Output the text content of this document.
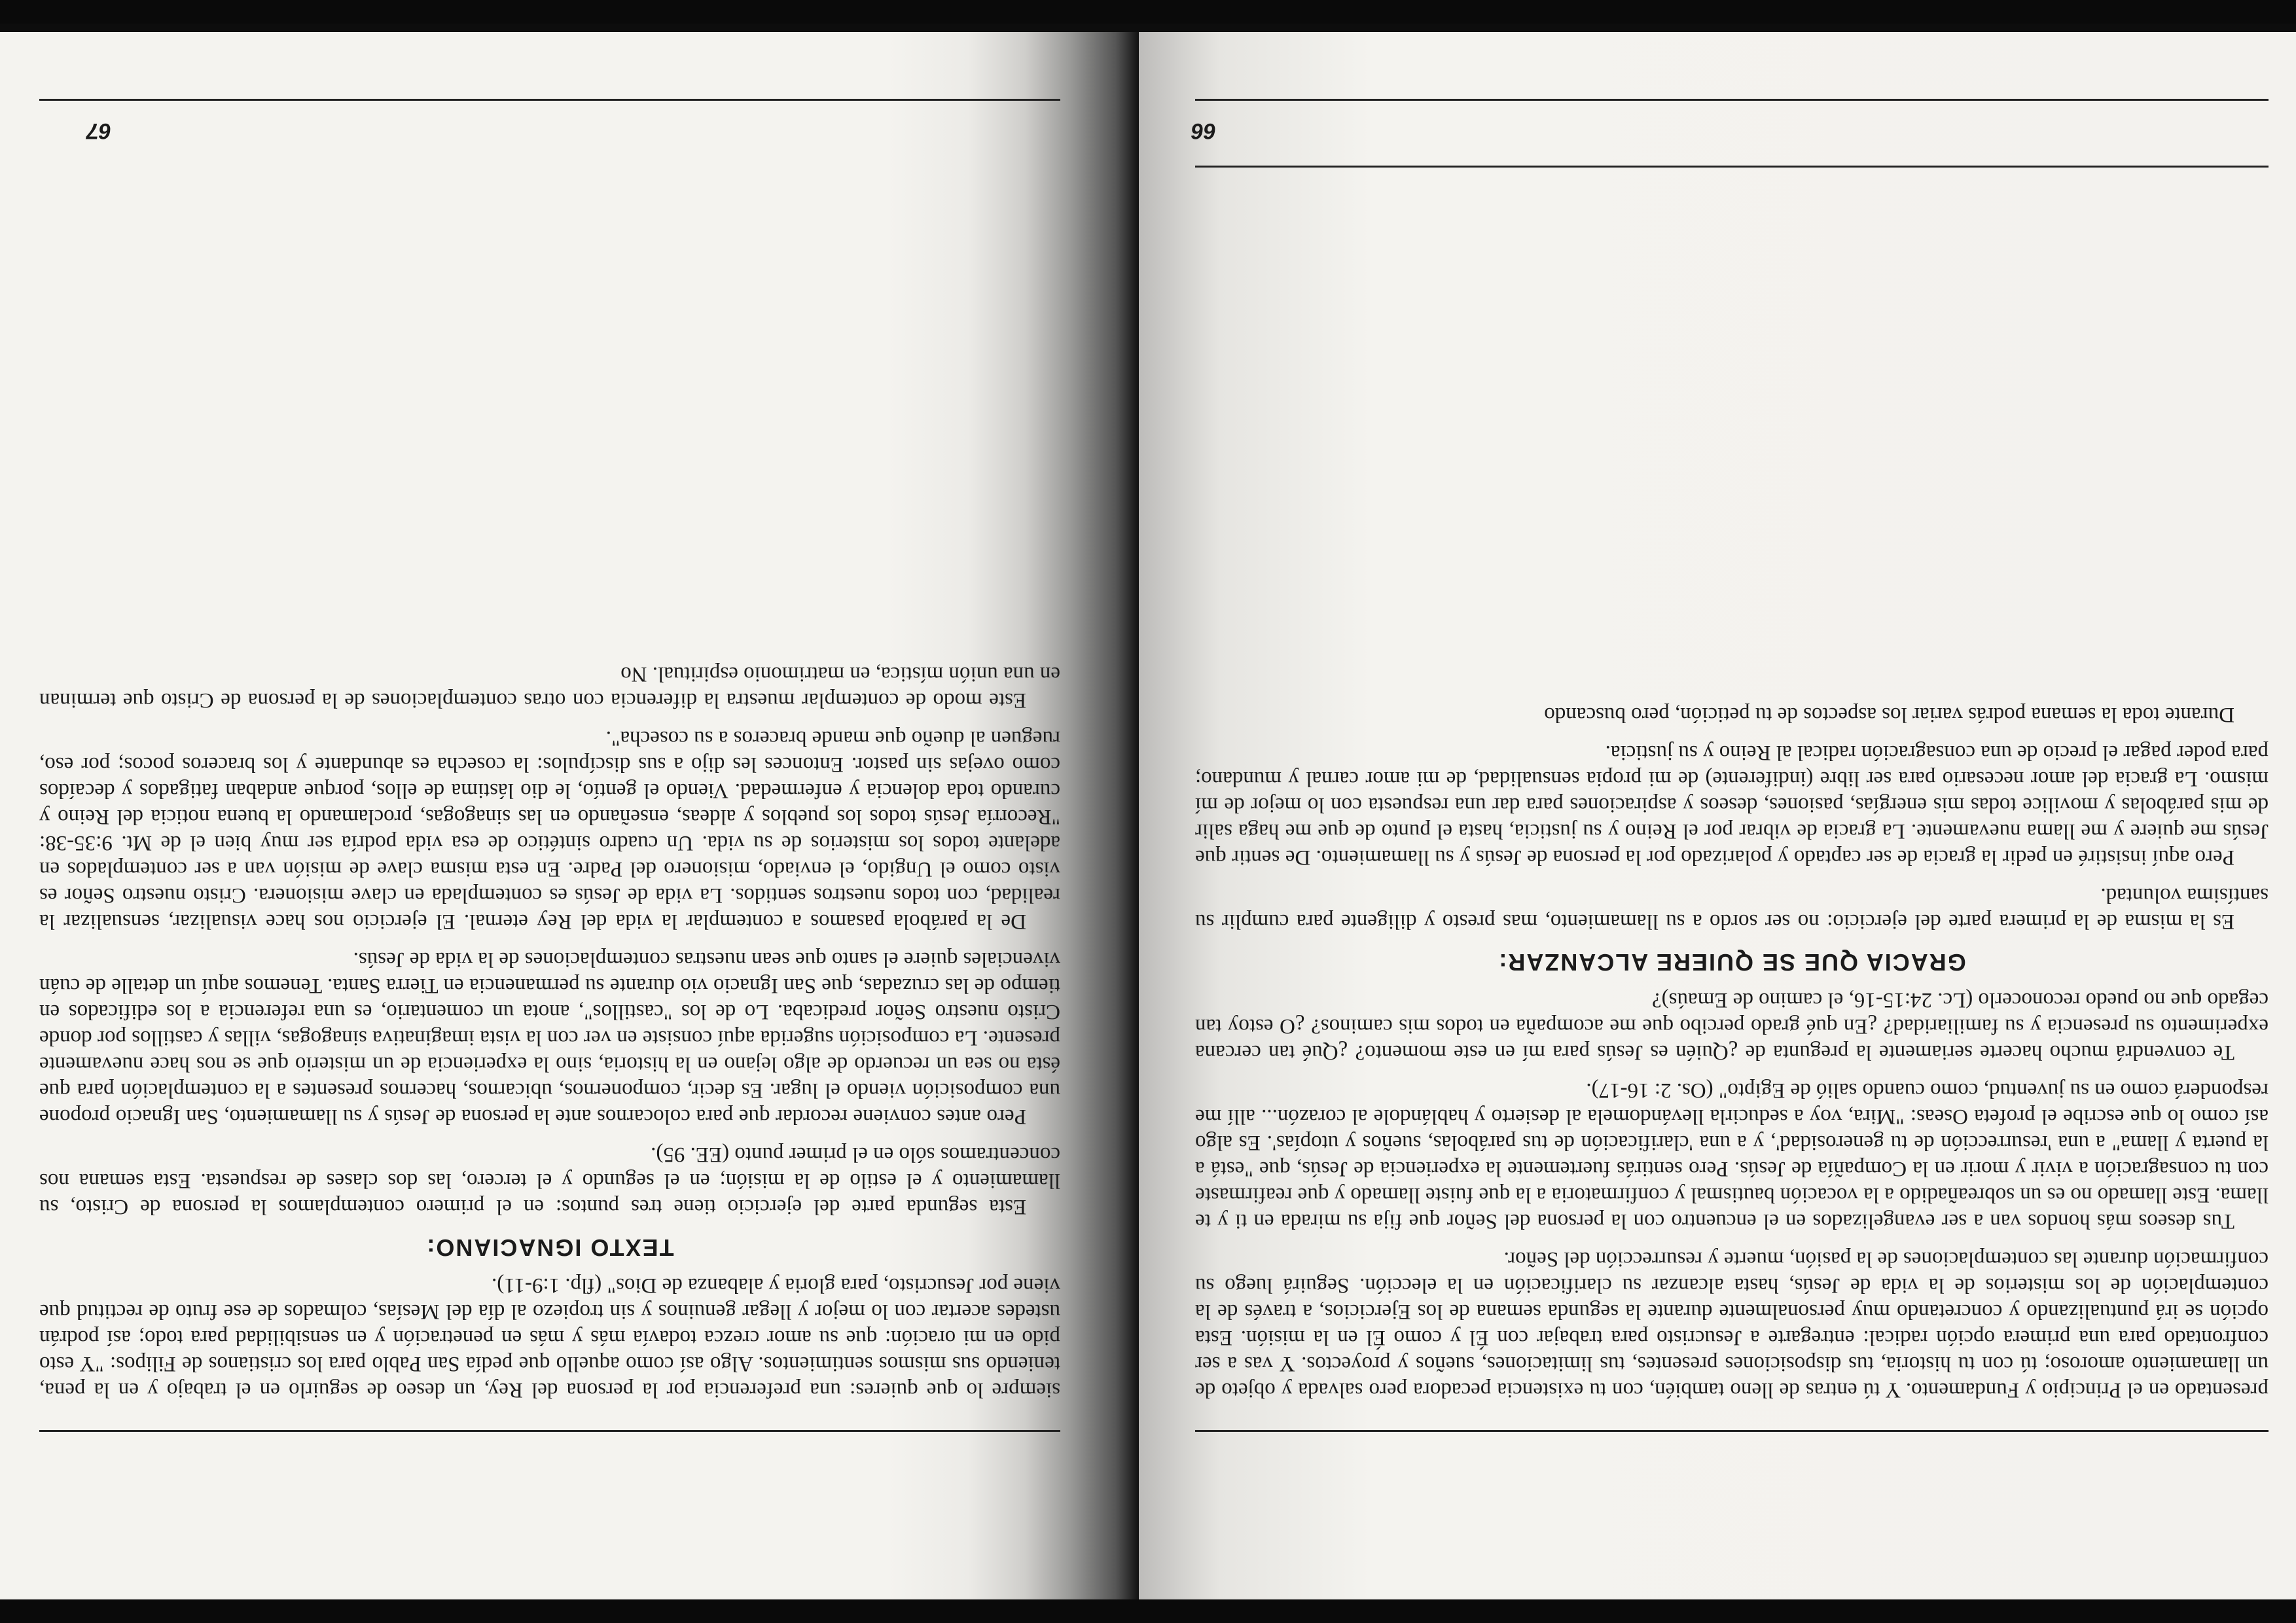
66

presentado en el Principio y Fundamento. Y tú entras de lleno también, con tu existencia pecadora pero salvada y objeto de un llamamiento amoroso; tú con tu historia, tus disposiciones presentes, tus limitaciones, sueños y proyectos. Y vas a ser confrontado para una primera opción radical: entregarte a Jesucristo para trabajar con Él y como Él en la misión. Esta opción se irá puntualizando y concretando muy personalmente durante la segunda semana de los Ejercicios, a través de la contemplación de los misterios de la vida de Jesús, hasta alcanzar su clarificación en la elección. Seguirá luego su confirmación durante las contemplaciones de la pasión, muerte y resurrección del Señor.

Tus deseos más hondos van a ser evangelizados en el encuentro con la persona del Señor que fija su mirada en ti y te llama. Este llamado no es un sobreañadido a la vocación bautismal y confirmatoria a la que fuiste llamado y que reafirmaste con tu consagración a vivir y morir en la Compañía de Jesús. Pero sentirás fuertemente la experiencia de Jesús, que "está a la puerta y llama" a una 'resurrección de tu generosidad', y a una 'clarificación de tus parábolas, sueños y utopías'. Es algo así como lo que escribe el profeta Oseas: "Mira, voy a seducirla llevándomela al desierto y hablándole al corazón... allí me responderá como en su juventud, como cuando salió de Egipto" (Os. 2: 16-17).

Te convendrá mucho hacerte seriamente la pregunta de ¿Quién es Jesús para mí en este momento? ¿Qué tan cercana experimento su presencia y su familiaridad? ¿En qué grado percibo que me acompaña en todos mis caminos? ¿O estoy tan cegado que no puedo reconocerlo (Lc. 24:15-16, el camino de Emaús)?

GRACIA QUE SE QUIERE ALCANZAR:

Es la misma de la primera parte del ejercicio: no ser sordo a su llamamiento, mas presto y diligente para cumplir su santísima voluntad.

Pero aquí insistiré en pedir la gracia de ser captado y polarizado por la persona de Jesús y su llamamiento. De sentir que Jesús me quiere y me llama nuevamente. La gracia de vibrar por el Reino y su justicia, hasta el punto de que me haga salir de mis parábolas y movilice todas mis energías, pasiones, deseos y aspiraciones para dar una respuesta con lo mejor de mí mismo. La gracia del amor necesario para ser libre (indiferente) de mi propia sensualidad, de mi amor carnal y mundano; para poder pagar el precio de una consagración radical al Reino y su justicia.

Durante toda la semana podrás variar los aspectos de tu petición, pero buscando

67

siempre lo que quieres: una preferencia por la persona del Rey, un deseo de seguirlo en el trabajo y en la pena, teniendo sus mismos sentimientos. Algo así como aquello que pedía San Pablo para los cristianos de Filipos: "Y esto pido en mi oración: que su amor crezca todavía más y más en penetración y en sensibilidad para todo; así podrán ustedes acertar con lo mejor y llegar genuinos y sin tropiezo al día del Mesías, colmados de ese fruto de rectitud que viene por Jesucristo, para gloria y alabanza de Dios" (flp. 1:9-11).

TEXTO IGNACIANO:

Esta segunda parte del ejercicio tiene tres puntos: en el primero contemplamos la persona de Cristo, su llamamiento y el estilo de la misión; en el segundo y el tercero, las dos clases de respuesta. Esta semana nos concentramos sólo en el primer punto (EE. 95).

Pero antes conviene recordar que para colocarnos ante la persona de Jesús y su llamamiento, San Ignacio propone una composición viendo el lugar. Es decir, componernos, ubicarnos, hacernos presentes a la contemplación para que ésta no sea un recuerdo de algo lejano en la historia, sino la experiencia de un misterio que se nos hace nuevamente presente. La composición sugerida aquí consiste en ver con la vista imaginativa sinagogas, villas y castillos por donde Cristo nuestro Señor predicaba. Lo de los "castillos", anota un comentario, es una referencia a los edificados en tiempo de las cruzadas, que San Ignacio vio durante su permanencia en Tierra Santa. Tenemos aquí un detalle de cuán vivenciales quiere el santo que sean nuestras contemplaciones de la vida de Jesús.

De la parábola pasamos a contemplar la vida del Rey eternal. El ejercicio nos hace visualizar, sensualizar la realidad, con todos nuestros sentidos. La vida de Jesús es contemplada en clave misionera. Cristo nuestro Señor es visto como el Ungido, el enviado, misionero del Padre. En esta misma clave de misión van a ser contemplados en adelante todos los misterios de su vida. Un cuadro sintético de esa vida podría ser muy bien el de Mt. 9:35-38: "Recorría Jesús todos los pueblos y aldeas, enseñando en las sinagogas, proclamando la buena noticia del Reino y curando toda dolencia y enfermedad. Viendo el gentío, le dio lástima de ellos, porque andaban fatigados y decaídos como ovejas sin pastor. Entonces les dijo a sus discípulos: la cosecha es abundante y los braceros pocos; por eso, rueguen al dueño que mande braceros a su cosecha".

Este modo de contemplar muestra la diferencia con otras contemplaciones de la persona de Cristo que terminan en una unión mística, en matrimonio espiritual. No
